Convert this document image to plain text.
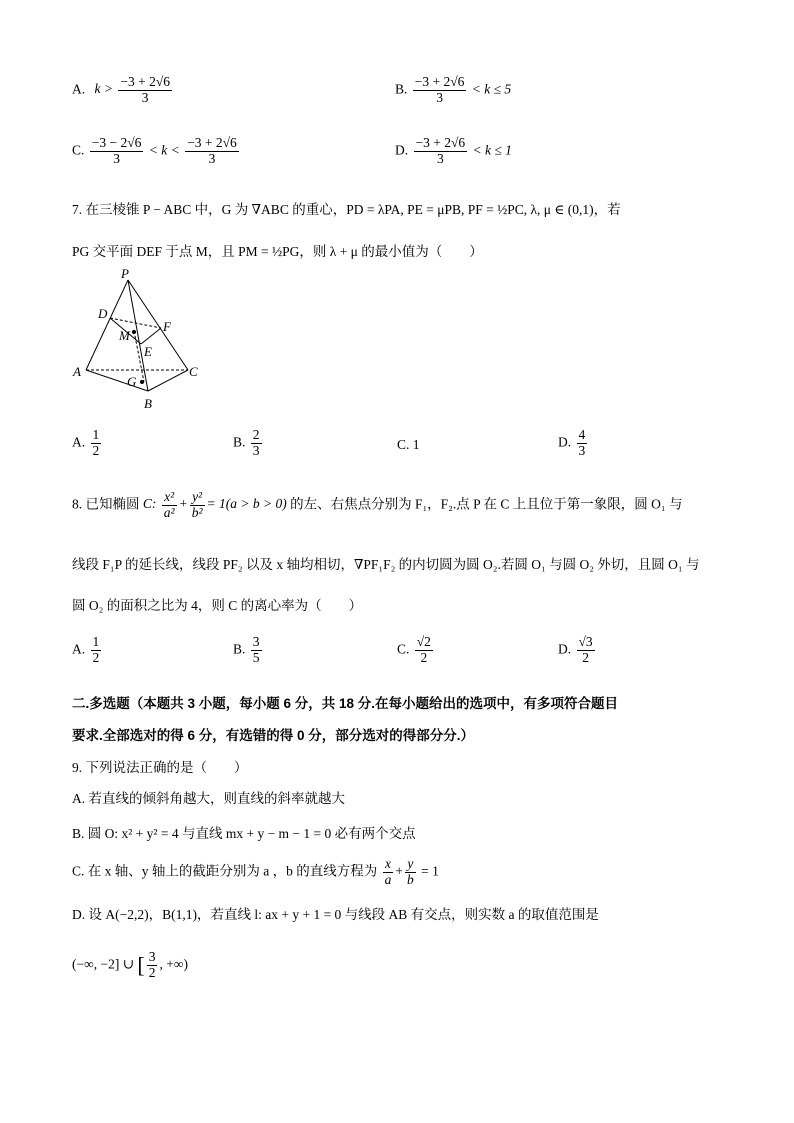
A. $k > \frac{-3 + 2√6}{3}$	B. $\frac{-3 + 2√6}{3} < k \le 5$
C. $\frac{-3 - 2√6}{3} < k < \frac{-3 + 2√6}{3}$	D. $\frac{-3 + 2√6}{3} < k \le 1$
7. 在三棱锥 P − ABC 中，G 为 ∇ABC 的重心，PD = λPA, PE = μPB, PF = ½PC, λ, μ ∈ (0,1)，若
PG 交平面 DEF 于点 M，且 PM = ½PG，则 λ + μ 的最小值为（　　）
P
D
F
M
E
A	C
G
B
A. $\frac{1}{2}$	B. $\frac{2}{3}$	C. 1	D. $\frac{4}{3}$
8. 已知椭圆 C: $\frac{\text{x²}}{\text{a²}} + \frac{\text{y²}}{\text{b²}} = 1(a > b > 0)$ 的左、右焦点分别为 F₁，F₂.点 P 在 C 上且位于第一象限，圆 O₁ 与
线段 F₁P 的延长线，线段 PF₂ 以及 x 轴均相切，∇PF₁F₂ 的内切圆为圆 O₂.若圆 O₁ 与圆 O₂ 外切，且圆 O₁ 与
圆 O₂ 的面积之比为 4，则 C 的离心率为（　　）
A. $\frac{1}{2}$	B. $\frac{3}{5}$	C. $\frac{√2}{2}$	D. $\frac{√3}{2}$
二.多选题（本题共 3 小题，每小题 6 分，共 18 分.在每小题给出的选项中，有多项符合题目
要求.全部选对的得 6 分，有选错的得 0 分，部分选对的得部分分.）
9. 下列说法正确的是（　　）
A. 若直线的倾斜角越大，则直线的斜率就越大
B. 圆 O: x² + y² = 4 与直线 mx + y − m − 1 = 0 必有两个交点
C. 在 x 轴、y 轴上的截距分别为 a ，b 的直线方程为 $\frac{x}{a} + \frac{y}{b} = 1$
D. 设 A(−2,2)，B(1,1)，若直线 l: ax + y + 1 = 0 与线段 AB 有交点，则实数 a 的取值范围是
(−∞, −2] ∪ [ $\frac{3}{2}$ , +∞)
